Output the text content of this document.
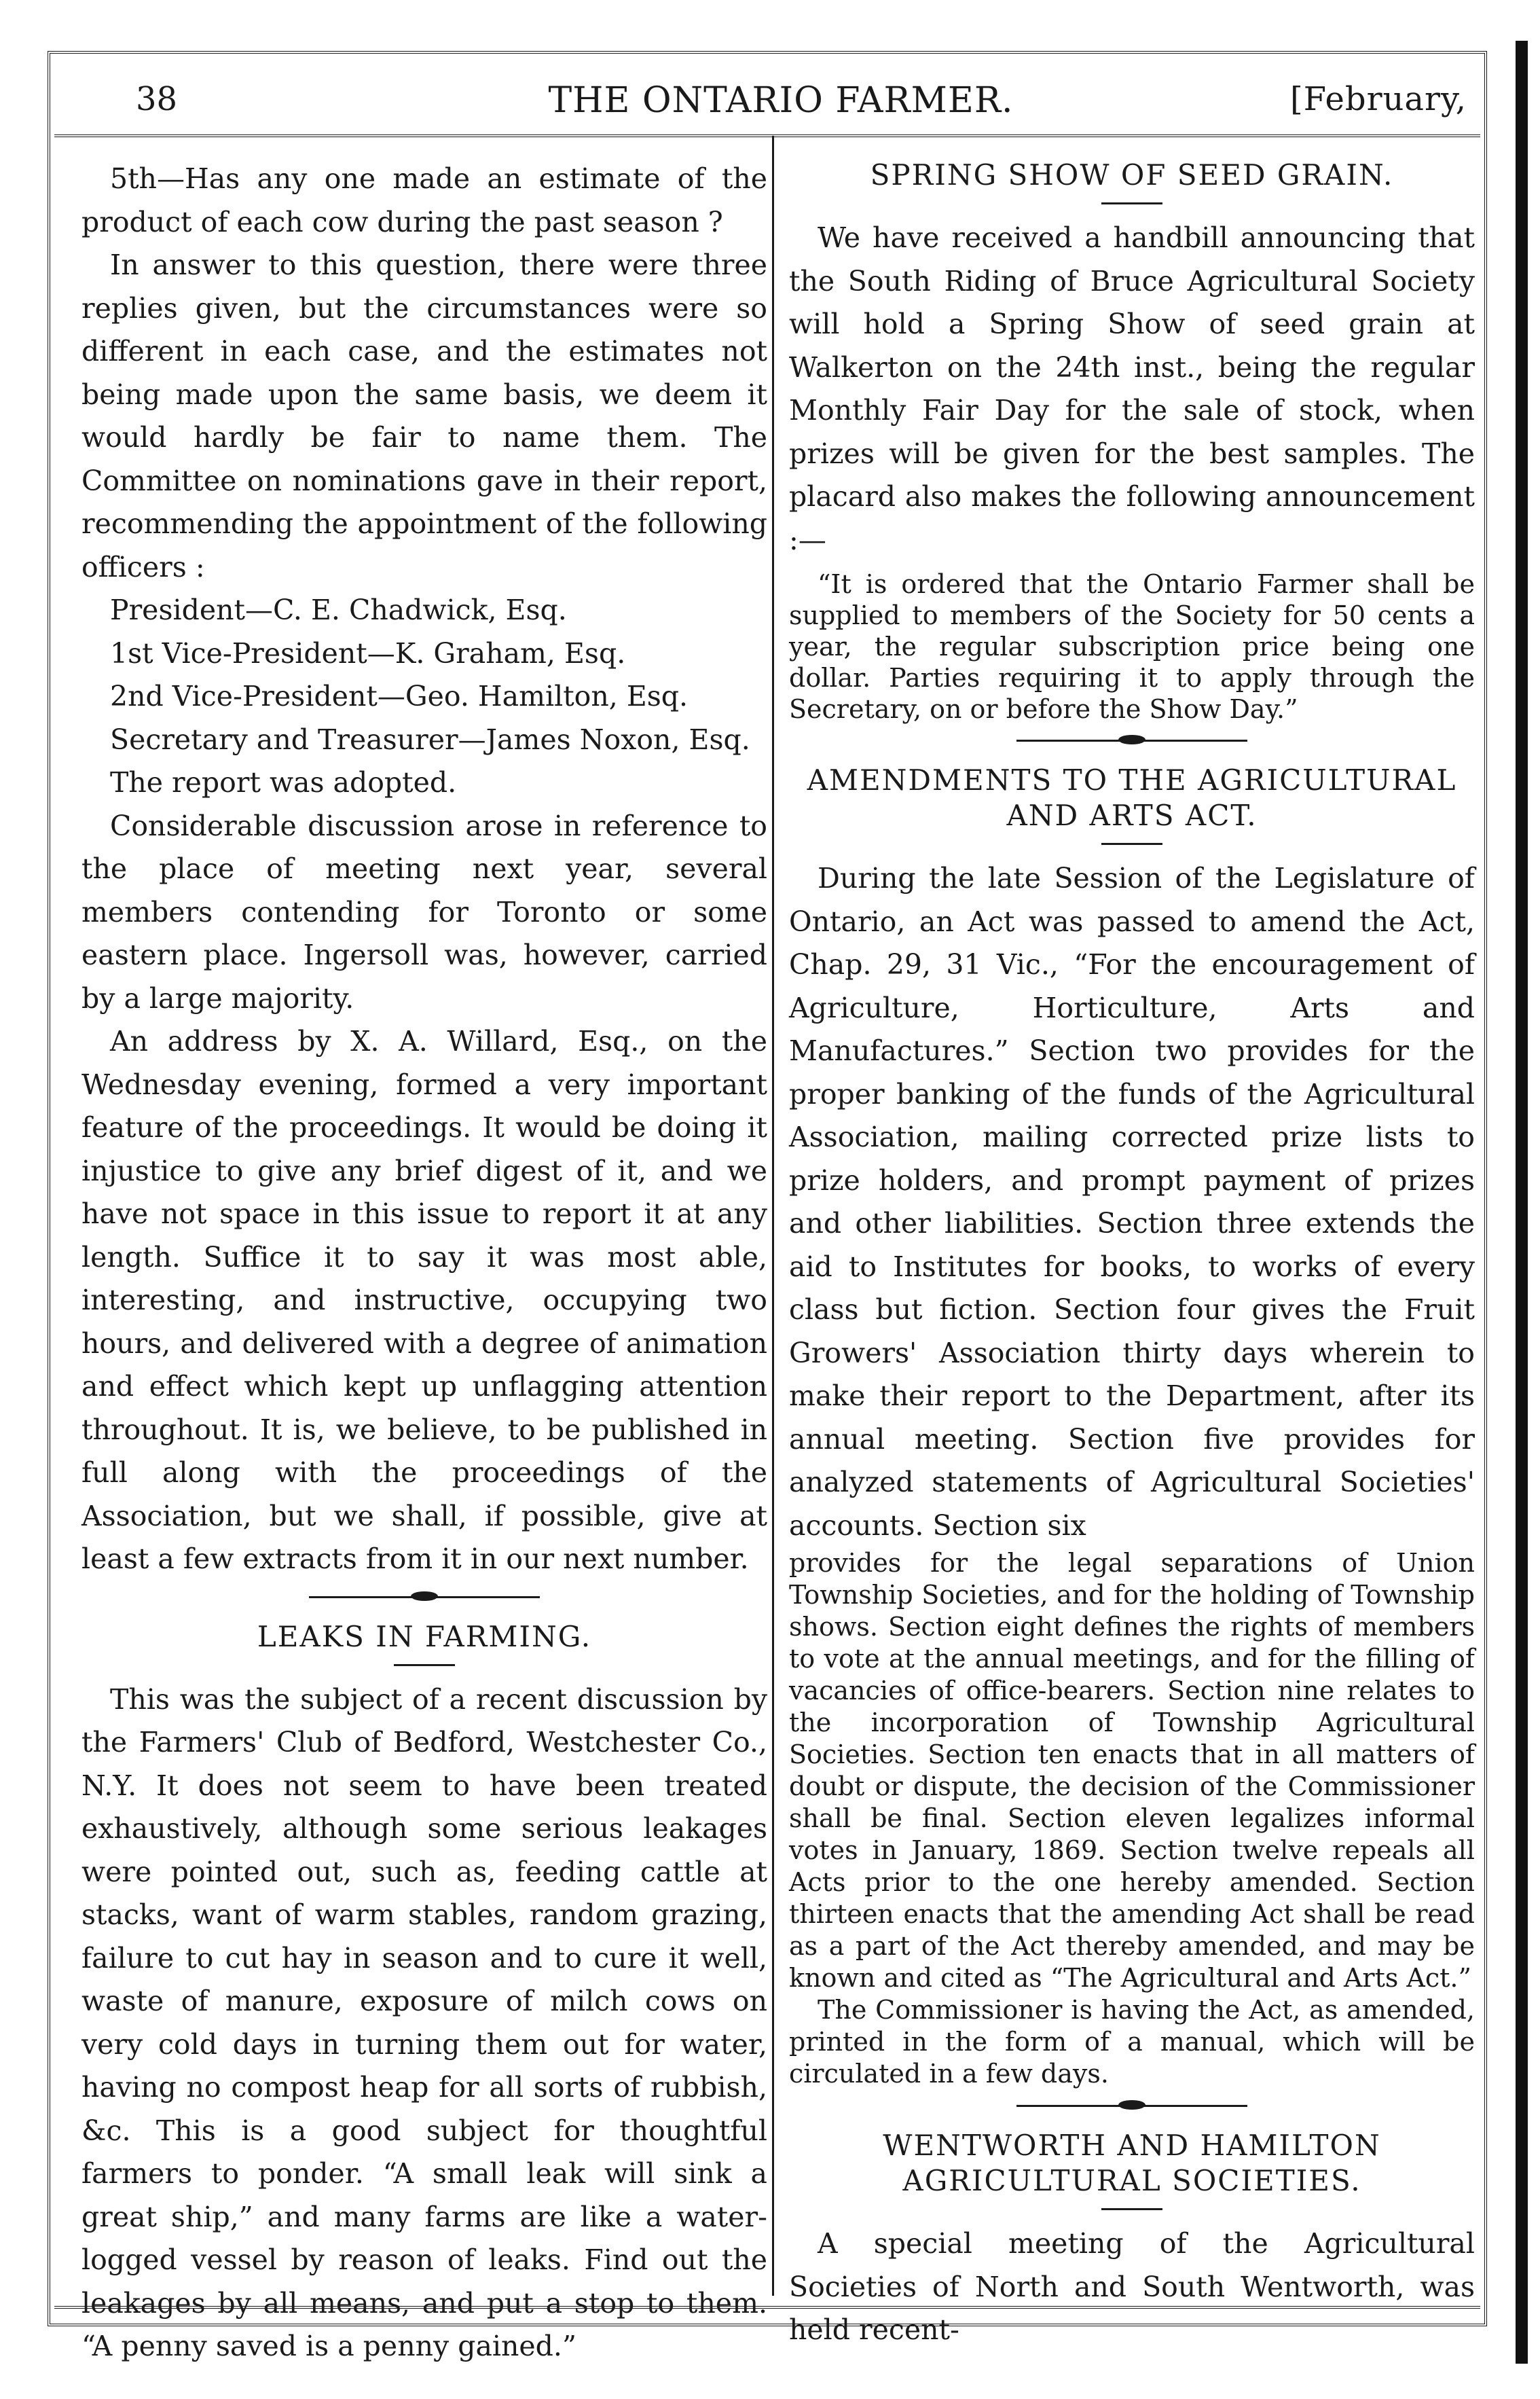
38	THE ONTARIO FARMER.	[February,

5th—Has any one made an estimate of the product of each cow during the past season ?

In answer to this question, there were three replies given, but the circumstances were so different in each case, and the estimates not being made upon the same basis, we deem it would hardly be fair to name them. The Committee on nominations gave in their report, recommending the appointment of the following officers :

President—C. E. Chadwick, Esq.

1st Vice-President—K. Graham, Esq.

2nd Vice-President—Geo. Hamilton, Esq.

Secretary and Treasurer—James Noxon, Esq.

The report was adopted.

Considerable discussion arose in reference to the place of meeting next year, several members contending for Toronto or some eastern place. Ingersoll was, however, carried by a large majority.

An address by X. A. Willard, Esq., on the Wednesday evening, formed a very important feature of the proceedings. It would be doing it injustice to give any brief digest of it, and we have not space in this issue to report it at any length. Suffice it to say it was most able, interesting, and instructive, occupying two hours, and delivered with a degree of animation and effect which kept up unflagging attention throughout. It is, we believe, to be published in full along with the proceedings of the Association, but we shall, if possible, give at least a few extracts from it in our next number.

LEAKS IN FARMING.

This was the subject of a recent discussion by the Farmers' Club of Bedford, Westchester Co., N.Y. It does not seem to have been treated exhaustively, although some serious leakages were pointed out, such as, feeding cattle at stacks, want of warm stables, random grazing, failure to cut hay in season and to cure it well, waste of manure, exposure of milch cows on very cold days in turning them out for water, having no compost heap for all sorts of rubbish, &c. This is a good subject for thoughtful farmers to ponder. “A small leak will sink a great ship,” and many farms are like a water-logged vessel by reason of leaks. Find out the leakages by all means, and put a stop to them. “A penny saved is a penny gained.”

SPRING SHOW OF SEED GRAIN.

We have received a handbill announcing that the South Riding of Bruce Agricultural Society will hold a Spring Show of seed grain at Walkerton on the 24th inst., being the regular Monthly Fair Day for the sale of stock, when prizes will be given for the best samples. The placard also makes the following announcement :—

“It is ordered that the Ontario Farmer shall be supplied to members of the Society for 50 cents a year, the regular subscription price being one dollar. Parties requiring it to apply through the Secretary, on or before the Show Day.”

AMENDMENTS TO THE AGRICULTURAL AND ARTS ACT.

During the late Session of the Legislature of Ontario, an Act was passed to amend the Act, Chap. 29, 31 Vic., “For the encouragement of Agriculture, Horticulture, Arts and Manufactures.” Section two provides for the proper banking of the funds of the Agricultural Association, mailing corrected prize lists to prize holders, and prompt payment of prizes and other liabilities. Section three extends the aid to Institutes for books, to works of every class but fiction. Section four gives the Fruit Growers' Association thirty days wherein to make their report to the Department, after its annual meeting. Section five provides for analyzed statements of Agricultural Societies' accounts. Section six

provides for the legal separations of Union Township Societies, and for the holding of Township shows. Section eight defines the rights of members to vote at the annual meetings, and for the filling of vacancies of office-bearers. Section nine relates to the incorporation of Township Agricultural Societies. Section ten enacts that in all matters of doubt or dispute, the decision of the Commissioner shall be final. Section eleven legalizes informal votes in January, 1869. Section twelve repeals all Acts prior to the one hereby amended. Section thirteen enacts that the amending Act shall be read as a part of the Act thereby amended, and may be known and cited as “The Agricultural and Arts Act.”

The Commissioner is having the Act, as amended, printed in the form of a manual, which will be circulated in a few days.

WENTWORTH AND HAMILTON AGRICULTURAL SOCIETIES.

A special meeting of the Agricultural Societies of North and South Wentworth, was held recent-
